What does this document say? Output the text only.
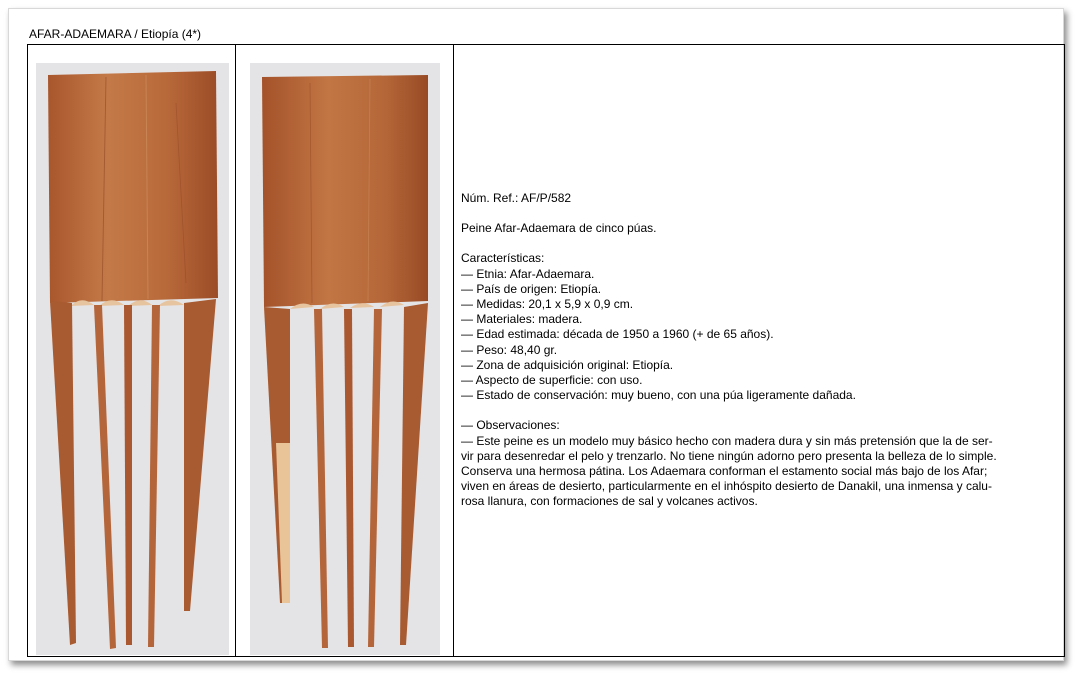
AFAR-ADAEMARA / Etiopía (4*)

Núm. Ref.: AF/P/582

Peine Afar-Adaemara de cinco púas.

Características:

— Etnia: Afar-Adaemara.

— País de origen: Etiopía.

— Medidas: 20,1 x 5,9 x 0,9 cm.

— Materiales: madera.

— Edad estimada: década de 1950 a 1960 (+ de 65 años).

— Peso: 48,40 gr.

— Zona de adquisición original: Etiopía.

— Aspecto de superficie: con uso.

— Estado de conservación: muy bueno, con una púa ligeramente dañada.

— Observaciones:

— Este peine es un modelo muy básico hecho con madera dura y sin más pretensión que la de ser-

vir para desenredar el pelo y trenzarlo. No tiene ningún adorno pero presenta la belleza de lo simple.

Conserva una hermosa pátina. Los Adaemara conforman el estamento social más bajo de los Afar;

viven en áreas de desierto, particularmente en el inhóspito desierto de Danakil, una inmensa y calu-

rosa llanura, con formaciones de sal y volcanes activos.
